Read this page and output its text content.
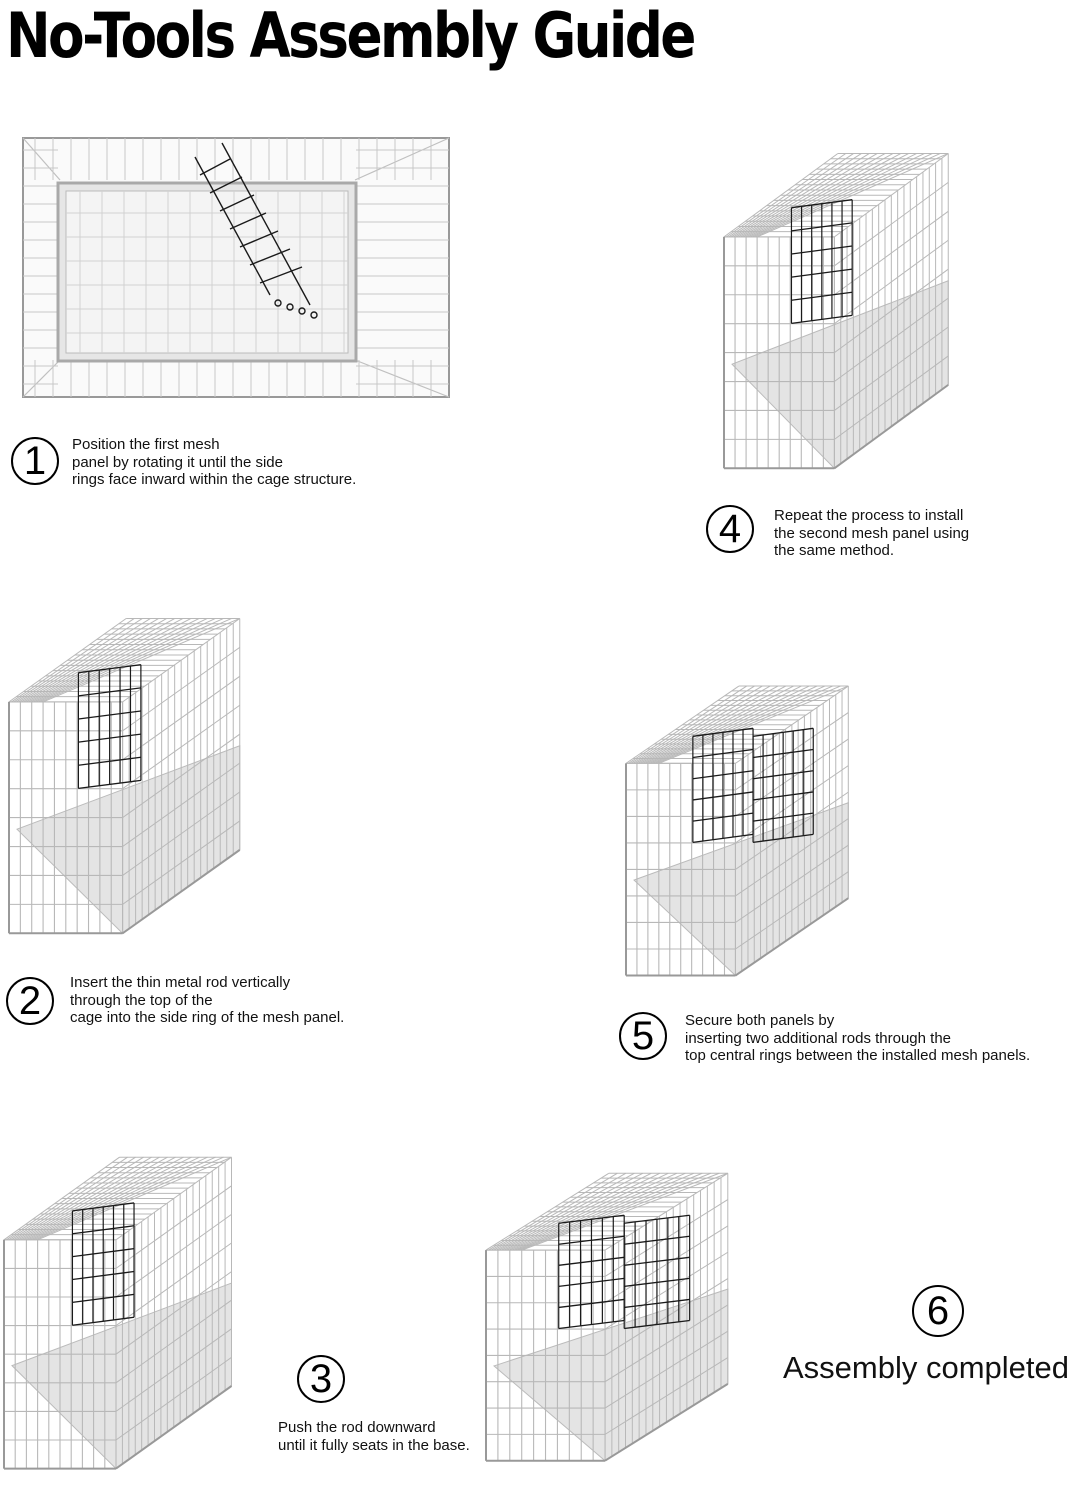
No-Tools Assembly Guide
1	Position the first mesh
panel by rotating it until the side
rings face inward within the cage structure.
2	Insert the thin metal rod vertically
through the top of the
cage into the side ring of the mesh panel.
3
Push the rod downward
until it fully seats in the base.
4	Repeat the process to install
the second mesh panel using
the same method.
5	Secure both panels by
inserting two additional rods through the
top central rings between the installed mesh panels.
6
Assembly completed
